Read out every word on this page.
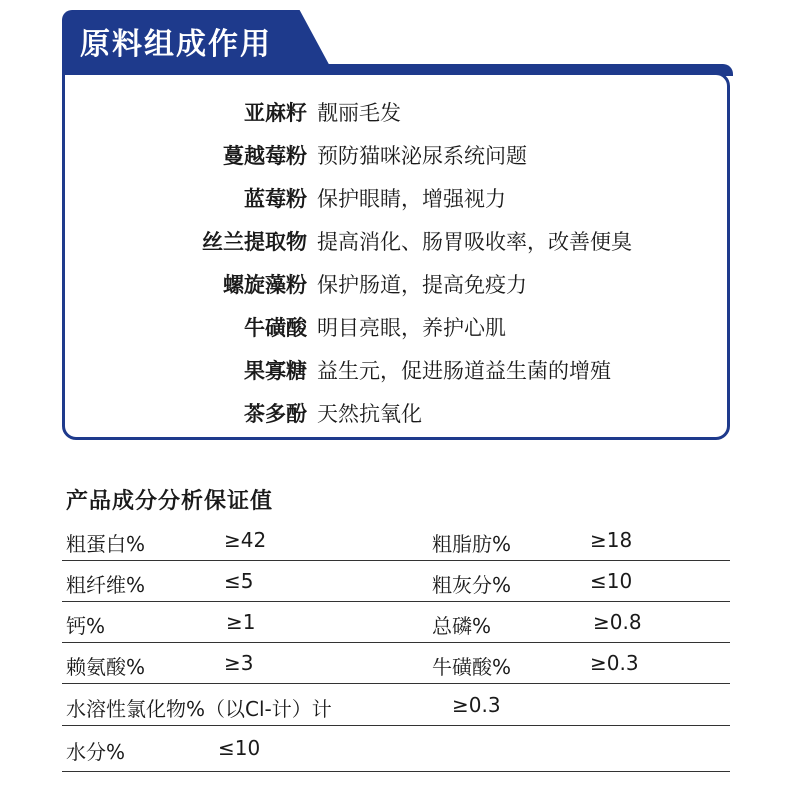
原料组成作用
亚麻籽 靓丽毛发
蔓越莓粉 预防猫咪泌尿系统问题
蓝莓粉 保护眼睛，增强视力
丝兰提取物 提高消化、肠胃吸收率，改善便臭
螺旋藻粉 保护肠道，提高免疫力
牛磺酸 明目亮眼，养护心肌
果寡糖 益生元，促进肠道益生菌的增殖
茶多酚 天然抗氧化
产品成分分析保证值
粗蛋白%	≥42	粗脂肪%	≥18
粗纤维%	≤5	粗灰分%	≤10
钙%	≥1	总磷%	≥0.8
赖氨酸%	≥3	牛磺酸%	≥0.3
水溶性氯化物%（以Cl-计）计	≥0.3
水分%	≤10
